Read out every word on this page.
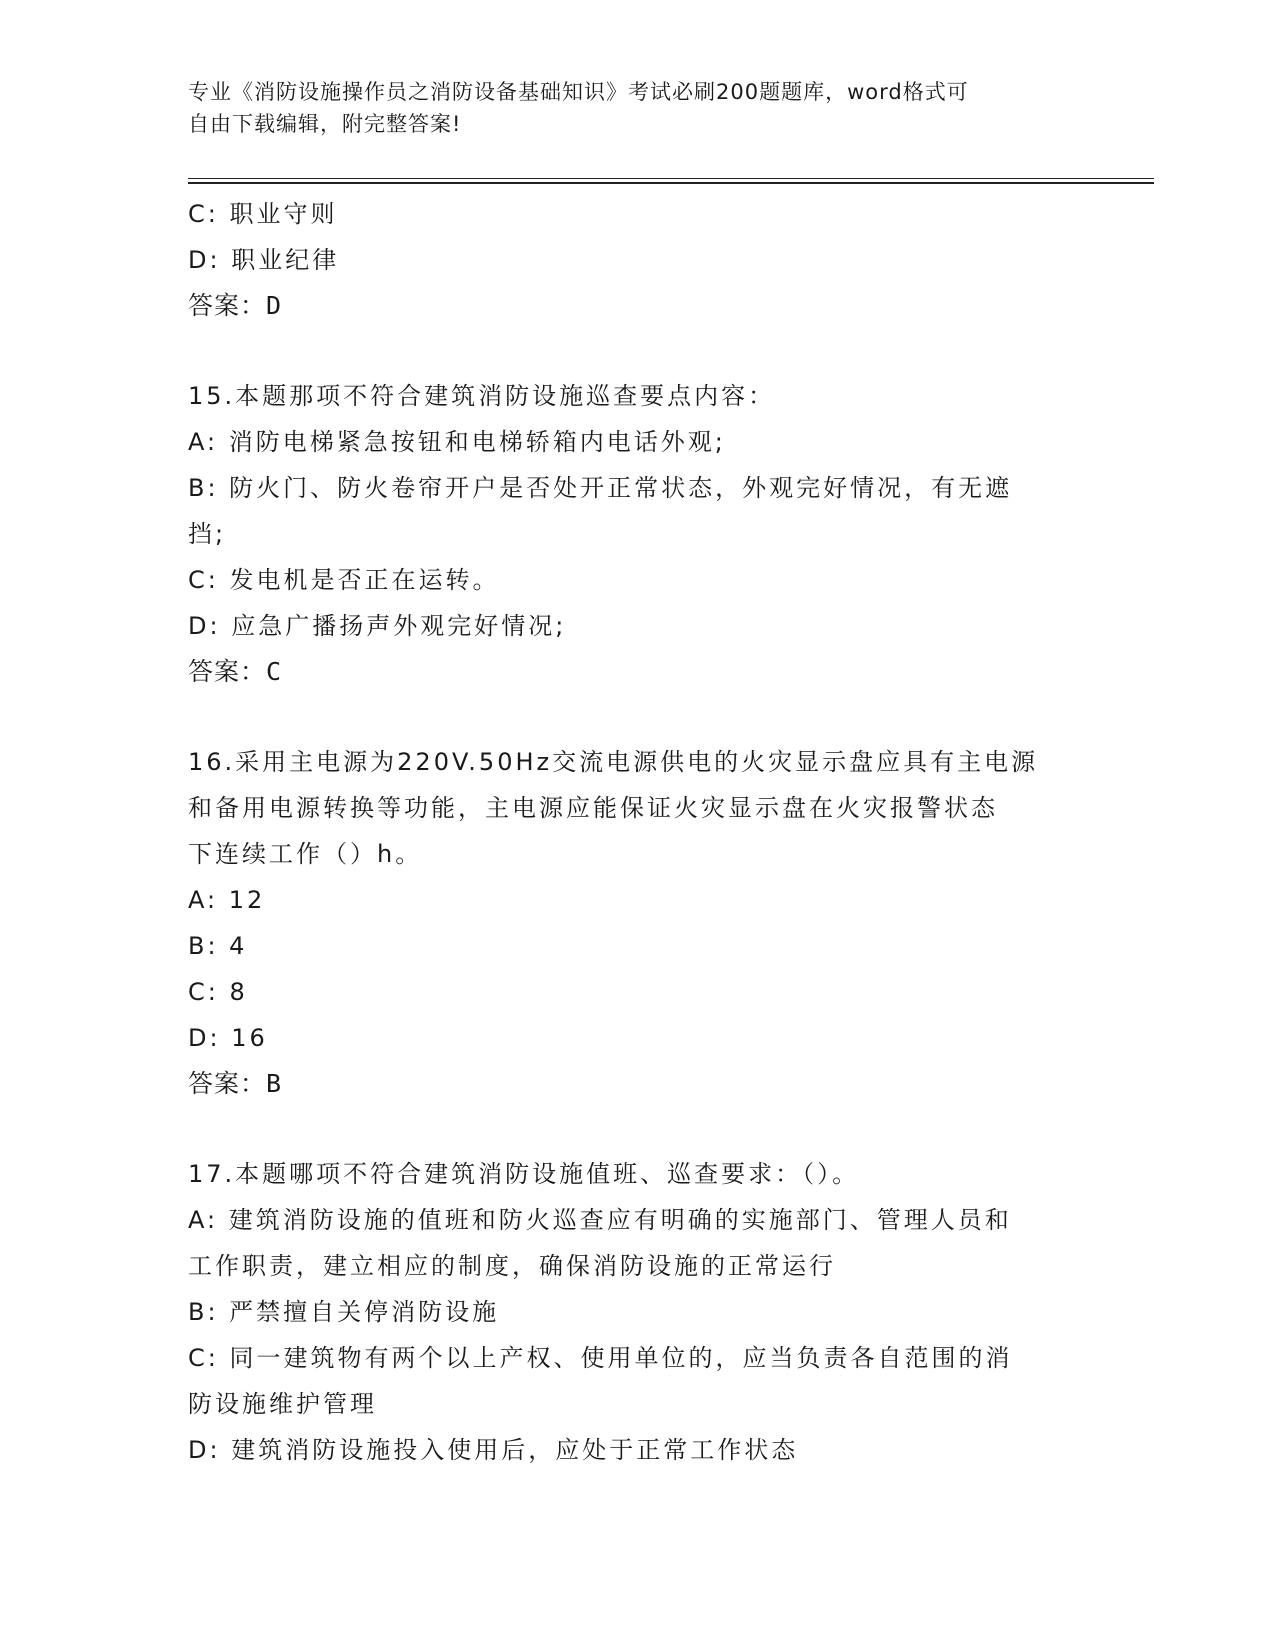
专业《消防设施操作员之消防设备基础知识》考试必刷200题题库，word格式可
自由下载编辑，附完整答案!
C: 职业守则
D: 职业纪律
答案：D
15.本题那项不符合建筑消防设施巡查要点内容：
A: 消防电梯紧急按钮和电梯轿箱内电话外观;
B: 防火门、防火卷帘开户是否处开正常状态，外观完好情况，有无遮
挡;
C: 发电机是否正在运转。
D: 应急广播扬声外观完好情况;
答案：C
16.采用主电源为220V.50Hz交流电源供电的火灾显示盘应具有主电源
和备用电源转换等功能，主电源应能保证火灾显示盘在火灾报警状态
下连续工作（）h。
A: 12
B: 4
C: 8
D: 16
答案：B
17.本题哪项不符合建筑消防设施值班、巡查要求：（）。
A: 建筑消防设施的值班和防火巡查应有明确的实施部门、管理人员和
工作职责，建立相应的制度，确保消防设施的正常运行
B: 严禁擅自关停消防设施
C: 同一建筑物有两个以上产权、使用单位的，应当负责各自范围的消
防设施维护管理
D: 建筑消防设施投入使用后，应处于正常工作状态
